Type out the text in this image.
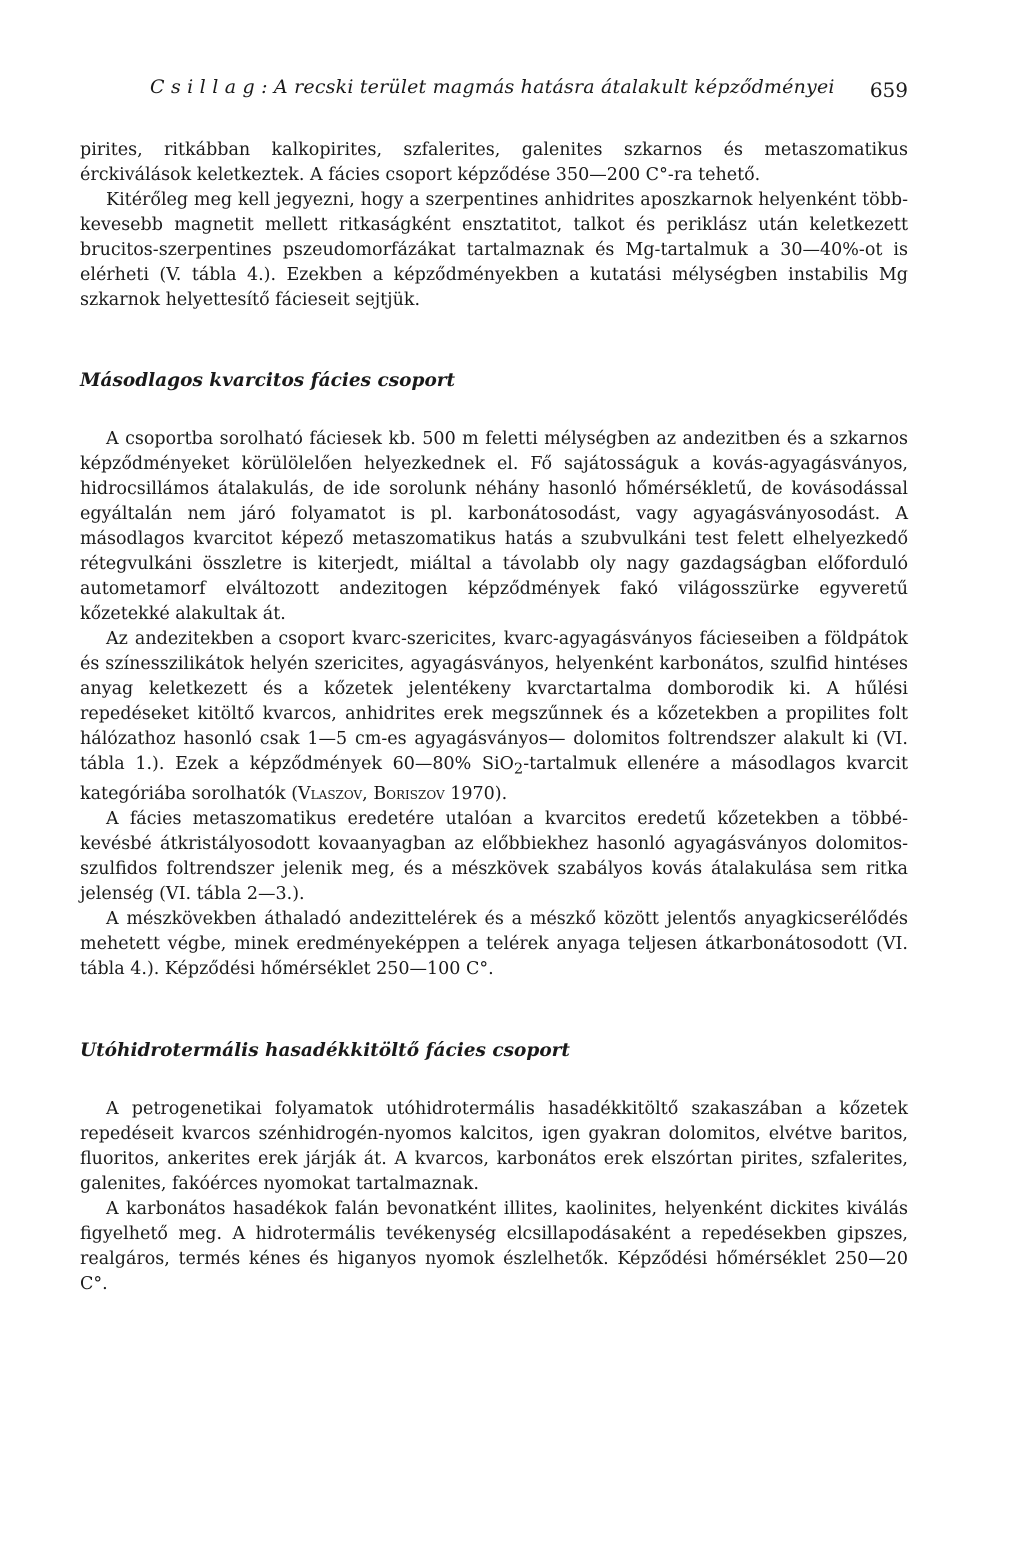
C s i l l a g : A recski terület magmás hatásra átalakult képződményei 659

pirites, ritkábban kalkopirites, szfalerites, galenites szkarnos és metaszomatikus érckiválások keletkeztek. A fácies csoport képződése 350—200 C°-ra tehető.

Kitérőleg meg kell jegyezni, hogy a szerpentines anhidrites aposzkarnok helyenként több-kevesebb magnetit mellett ritkaságként ensztatitot, talkot és periklász után keletkezett brucitos-szerpentines pszeudomorfázákat tartalmaznak és Mg-tartalmuk a 30—40%-ot is elérheti (V. tábla 4.). Ezekben a képződményekben a kutatási mélységben instabilis Mg szkarnok helyettesítő fácieseit sejtjük.

Másodlagos kvarcitos fácies csoport

A csoportba sorolható fáciesek kb. 500 m feletti mélységben az andezitben és a szkarnos képződményeket körülölelően helyezkednek el. Fő sajátosságuk a kovás-agyagásványos, hidrocsillámos átalakulás, de ide sorolunk néhány hasonló hőmérsékletű, de kovásodással egyáltalán nem járó folyamatot is pl. karbonátosodást, vagy agyagásványosodást. A másodlagos kvarcitot képező metaszomatikus hatás a szubvulkáni test felett elhelyezkedő rétegvulkáni összletre is kiterjedt, miáltal a távolabb oly nagy gazdagságban előforduló autometamorf elváltozott andezitogen képződmények fakó világosszürke egyveretű kőzetekké alakultak át.

Az andezitekben a csoport kvarc-szericites, kvarc-agyagásványos fácieseiben a földpátok és színesszilikátok helyén szericites, agyagásványos, helyenként karbonátos, szulfid hintéses anyag keletkezett és a kőzetek jelentékeny kvarctartalma domborodik ki. A hűlési repedéseket kitöltő kvarcos, anhidrites erek megszűnnek és a kőzetekben a propilites folt hálózathoz hasonló csak 1—5 cm-es agyagásványos— dolomitos foltrendszer alakult ki (VI. tábla 1.). Ezek a képződmények 60—80% SiO$_2$-tartalmuk ellenére a másodlagos kvarcit kategóriába sorolhatók (Vlaszov, Boriszov 1970).

A fácies metaszomatikus eredetére utalóan a kvarcitos eredetű kőzetekben a többé-kevésbé átkristályosodott kovaanyagban az előbbiekhez hasonló agyagásványos dolomitos-szulfidos foltrendszer jelenik meg, és a mészkövek szabályos kovás átalakulása sem ritka jelenség (VI. tábla 2—3.).

A mészkövekben áthaladó andezittelérek és a mészkő között jelentős anyagkicserélődés mehetett végbe, minek eredményeképpen a telérek anyaga teljesen átkarbonátosodott (VI. tábla 4.). Képződési hőmérséklet 250—100 C°.

Utóhidrotermális hasadékkitöltő fácies csoport

A petrogenetikai folyamatok utóhidrotermális hasadékkitöltő szakaszában a kőzetek repedéseit kvarcos szénhidrogén-nyomos kalcitos, igen gyakran dolomitos, elvétve baritos, fluoritos, ankerites erek járják át. A kvarcos, karbonátos erek elszórtan pirites, szfalerites, galenites, fakóérces nyomokat tartalmaznak.

A karbonátos hasadékok falán bevonatként illites, kaolinites, helyenként dickites kiválás figyelhető meg. A hidrotermális tevékenység elcsillapodásaként a repedésekben gipszes, realgáros, termés kénes és higanyos nyomok észlelhetők. Képződési hőmérséklet 250—20 C°.
